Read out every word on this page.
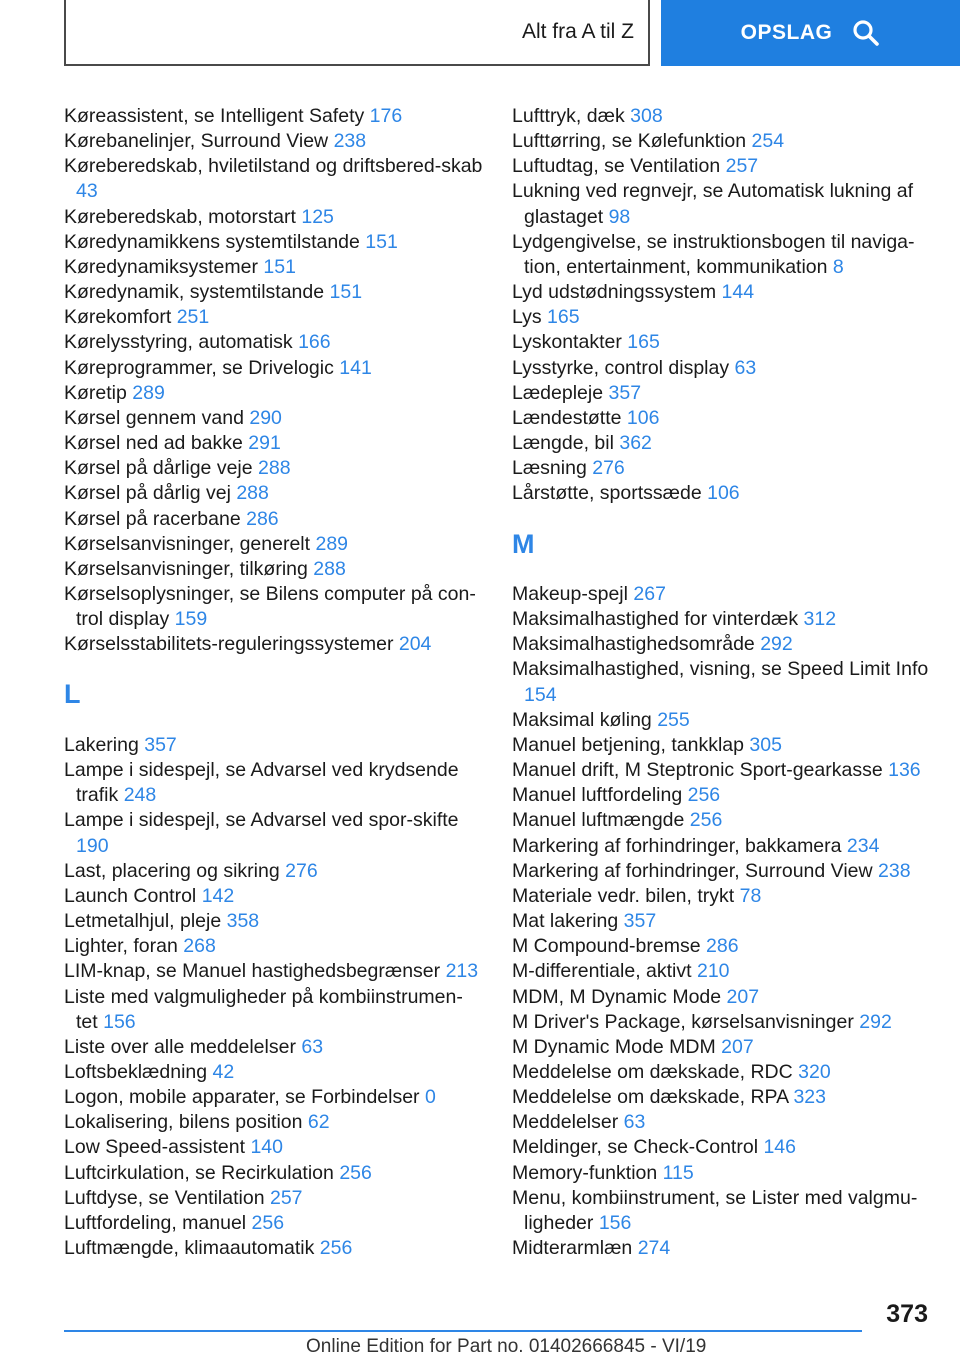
Alt fra A til Z	OPSLAG
Køreassistent, se Intelligent Safety 176
Kørebanelinjer, Surround View 238
Køreberedskab, hviletilstand og driftsbered-skab 43
Køreberedskab, motorstart 125
Køredynamikkens systemtilstande 151
Køredynamiksystemer 151
Køredynamik, systemtilstande 151
Kørekomfort 251
Kørelysstyring, automatisk 166
Køreprogrammer, se Drivelogic 141
Køretip 289
Kørsel gennem vand 290
Kørsel ned ad bakke 291
Kørsel på dårlige veje 288
Kørsel på dårlig vej 288
Kørsel på racerbane 286
Kørselsanvisninger, generelt 289
Kørselsanvisninger, tilkøring 288
Kørselsoplysninger, se Bilens computer på con-trol display 159
Kørselsstabilitets-reguleringssystemer 204
L
Lakering 357
Lampe i sidespejl, se Advarsel ved krydsende trafik 248
Lampe i sidespejl, se Advarsel ved spor-skifte 190
Last, placering og sikring 276
Launch Control 142
Letmetalhjul, pleje 358
Lighter, foran 268
LIM-knap, se Manuel hastighedsbegrænser 213
Liste med valgmuligheder på kombiinstrumen-tet 156
Liste over alle meddelelser 63
Loftsbeklædning 42
Logon, mobile apparater, se Forbindelser 0
Lokalisering, bilens position 62
Low Speed-assistent 140
Luftcirkulation, se Recirkulation 256
Luftdyse, se Ventilation 257
Luftfordeling, manuel 256
Luftmængde, klimaautomatik 256
Lufttryk, dæk 308
Lufttørring, se Kølefunktion 254
Luftudtag, se Ventilation 257
Lukning ved regnvejr, se Automatisk lukning af glastaget 98
Lydgengivelse, se instruktionsbogen til naviga-tion, entertainment, kommunikation 8
Lyd udstødningssystem 144
Lys 165
Lyskontakter 165
Lysstyrke, control display 63
Lædepleje 357
Lændestøtte 106
Længde, bil 362
Læsning 276
Lårstøtte, sportssæde 106
M
Makeup-spejl 267
Maksimalhastighed for vinterdæk 312
Maksimalhastighedsområde 292
Maksimalhastighed, visning, se Speed Limit Info 154
Maksimal køling 255
Manuel betjening, tankklap 305
Manuel drift, M Steptronic Sport-gearkasse 136
Manuel luftfordeling 256
Manuel luftmængde 256
Markering af forhindringer, bakkamera 234
Markering af forhindringer, Surround View 238
Materiale vedr. bilen, trykt 78
Mat lakering 357
M Compound-bremse 286
M-differentiale, aktivt 210
MDM, M Dynamic Mode 207
M Driver's Package, kørselsanvisninger 292
M Dynamic Mode MDM 207
Meddelelse om dækskade, RDC 320
Meddelelse om dækskade, RPA 323
Meddelelser 63
Meldinger, se Check-Control 146
Memory-funktion 115
Menu, kombiinstrument, se Lister med valgmu-ligheder 156
Midterarmlæn 274
373
Online Edition for Part no. 01402666845 - VI/19
